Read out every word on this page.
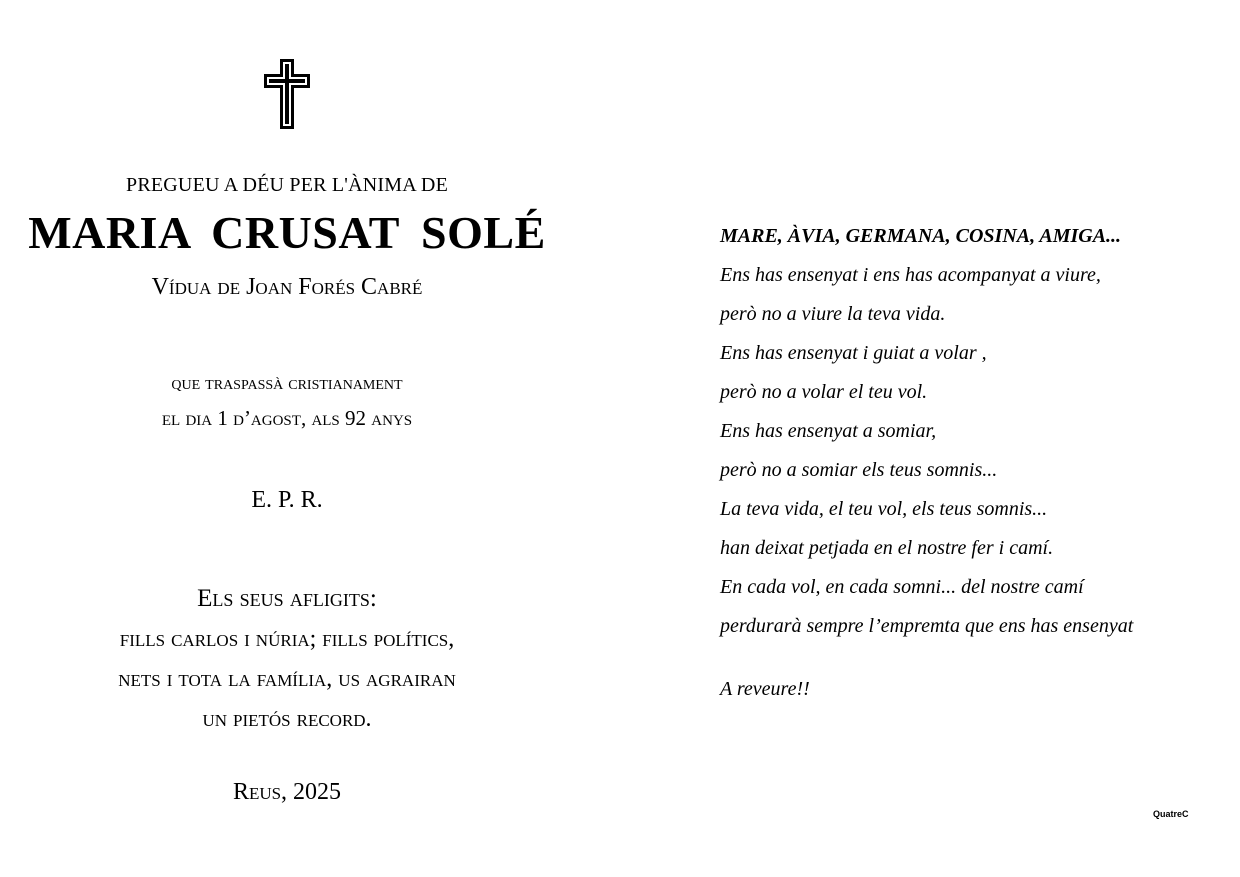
PREGUEU A DÉU PER L'ÀNIMA DE
MARIA CRUSAT SOLÉ
Vídua de Joan Forés Cabré
que traspassà cristianament
el dia 1 d’agost, als 92 anys
E. P. R.
Els seus afligits:
fills carlos i núria; fills polítics,
nets i tota la família, us agrairan
un pietós record.
Reus, 2025
MARE, ÀVIA, GERMANA, COSINA, AMIGA...
Ens has ensenyat i ens has acompanyat a viure,
però no a viure la teva vida.
Ens has ensenyat i guiat a volar ,
però no a volar el teu vol.
Ens has ensenyat a somiar,
però no a somiar els teus somnis...
La teva vida, el teu vol, els teus somnis...
han deixat petjada en el nostre fer i camí.
En cada vol, en cada somni... del nostre camí
perdurarà sempre l’empremta que ens has ensenyat
A reveure!!
QuatreC
